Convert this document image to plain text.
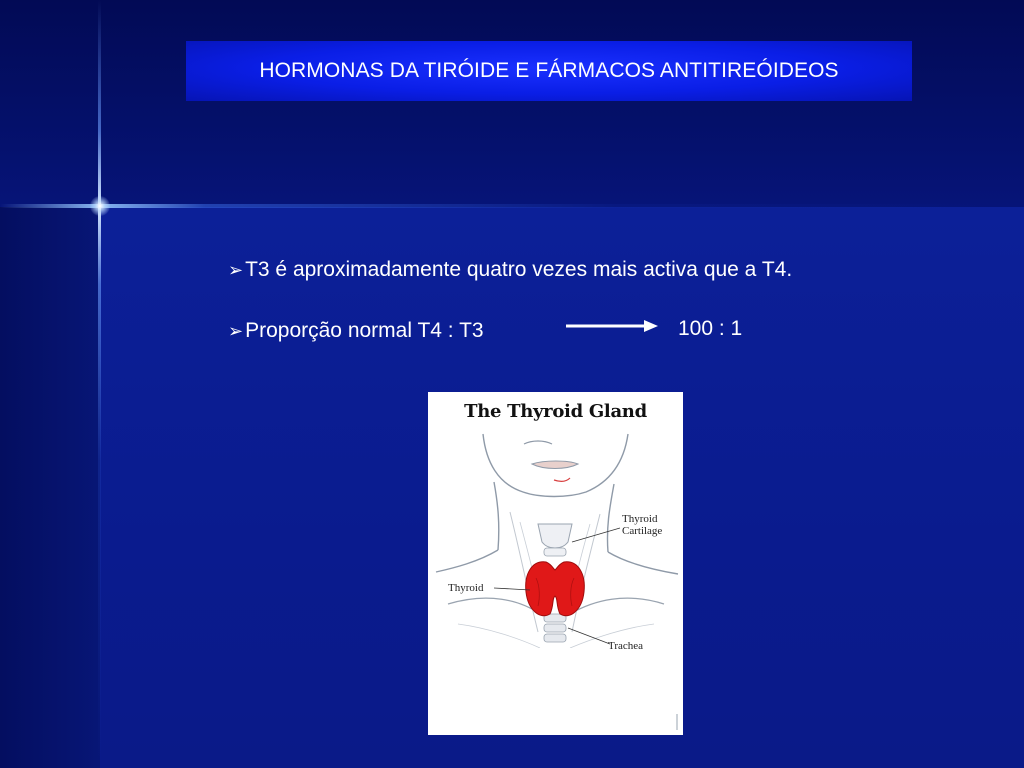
HORMONAS DA TIRÓIDE E FÁRMACOS ANTITIREÓIDEOS
➢T3 é aproximadamente quatro vezes mais activa que a T4.
➢Proporção normal T4 : T3	100 : 1
The Thyroid Gland
Thyroid
Cartilage
Thyroid
Trachea
